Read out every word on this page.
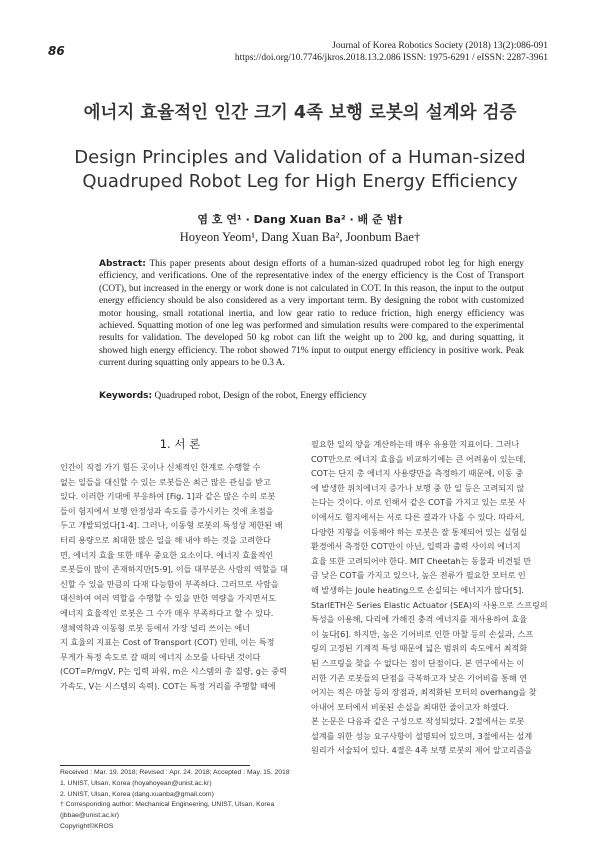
86	Journal of Korea Robotics Society (2018) 13(2):086-091
https://doi.org/10.7746/jkros.2018.13.2.086 ISSN: 1975-6291 / eISSN: 2287-3961
에너지 효율적인 인간 크기 4족 보행 로봇의 설계와 검증
Design Principles and Validation of a Human-sized
Quadruped Robot Leg for High Energy Efficiency
염 호 연¹ · Dang Xuan Ba² · 배 준 범†
Hoyeon Yeom¹, Dang Xuan Ba², Joonbum Bae†
Abstract: This paper presents about design efforts of a human-sized quadruped robot leg for high energy efficiency, and verifications. One of the representative index of the energy efficiency is the Cost of Transport (COT), but increased in the energy or work done is not calculated in COT. In this reason, the input to the output energy efficiency should be also considered as a very important term. By designing the robot with customized motor housing, small rotational inertia, and low gear ratio to reduce friction, high energy efficiency was achieved. Squatting motion of one leg was performed and simulation results were compared to the experimental results for validation. The developed 50 kg robot can lift the weight up to 200 kg, and during squatting, it showed high energy efficiency. The robot showed 71% input to output energy efficiency in positive work. Peak current during squatting only appears to be 0.3 A.
Keywords: Quadruped robot, Design of the robot, Energy efficiency
1. 서 론

인간이 직접 가기 힘든 곳이나 신체적인 한계로 수행할 수

없는 일들을 대신할 수 있는 로봇들은 최근 많은 관심을 받고

있다. 이러한 기대에 부응하여 [Fig. 1]과 같은 많은 수의 로봇

들이 험지에서 보행 안정성과 속도를 증가시키는 것에 초점을

두고 개발되었다[1-4]. 그러나, 이동형 로봇의 특성상 제한된 배

터리 용량으로 최대한 많은 일을 해 내야 하는 것을 고려한다

면, 에너지 효율 또한 매우 중요한 요소이다. 에너지 효율적인

로봇들이 많이 존재하지만[5-9], 이들 대부분은 사람의 역할을 대

신할 수 있을 만큼의 다재 다능함이 부족하다. 그러므로 사람을

대신하여 여러 역할을 수행할 수 있을 만한 역량을 가지면서도

에너지 효율적인 로봇은 그 수가 매우 부족하다고 할 수 있다.

생체역학과 이동형 로봇 등에서 가장 널리 쓰이는 에너

지 효율의 지표는 Cost of Transport (COT) 인데, 이는 특정

무게가 특정 속도로 갈 때의 에너지 소모를 나타낸 것이다

(COT=P/mgV, P는 입력 파워, m은 시스템의 총 질량, g는 중력

가속도, V는 시스템의 속력). COT는 특정 거리를 주행할 때에

필요한 일의 양을 계산하는데 매우 유용한 지표이다. 그러나

COT만으로 에너지 효율을 비교하기에는 큰 어려움이 있는데,

COT는 단지 총 에너지 사용량만을 측정하기 때문에, 이동 중

에 발생한 위치에너지 증가나 보행 중 한 일 등은 고려되지 않

는다는 것이다. 이로 인해서 같은 COT를 가지고 있는 로봇 사

이에서도 험지에서는 서로 다른 결과가 나올 수 있다. 따라서,

다양한 지형을 이동해야 하는 로봇은 잘 통제되어 있는 실험실

환경에서 측정한 COT만이 아닌, 입력과 출력 사이의 에너지

효율 또한 고려되어야 한다. MIT Cheetah는 동물과 비견될 만

큼 낮은 COT를 가지고 있으나, 높은 전류가 필요한 모터로 인

해 발생하는 Joule heating으로 손실되는 에너지가 많다[5].

StarlETH은 Series Elastic Actuator (SEA)의 사용으로 스프링의

특성을 이용해, 다리에 가해진 충격 에너지를 재사용하여 효율

이 높다[6]. 하지만, 높은 기어비로 인한 마찰 등의 손실과, 스프

링의 고정된 기계적 특성 때문에 넓은 범위의 속도에서 최적화

된 스프링을 찾을 수 없다는 점이 단점이다. 본 연구에서는 이

러한 기존 로봇들의 단점을 극복하고자 낮은 기어비를 통해 연

어지는 적은 마찰 등의 장점과, 최적화된 모터의 overhang을 찾

아내어 모터에서 비롯된 손실을 최대한 줄이고자 하였다.

본 논문은 다음과 같은 구성으로 작성되었다. 2절에서는 로봇

설계를 위한 성능 요구사항이 설명되어 있으며, 3절에서는 설계

원리가 서술되어 있다. 4절은 4족 보행 로봇의 제어 알고리즘을

Received : Mar. 19. 2018; Revised : Apr. 24. 2018; Accepted : May. 15. 2018
1. UNIST, Ulsan, Korea (hoyahoyean@unist.ac.kr)
2. UNIST, Ulsan, Korea (dang.xuanba@gmail.com)
† Corresponding author: Mechanical Engineering, UNIST, Ulsan, Korea
(jbbae@unist.ac.kr)
Copyright©KROS
